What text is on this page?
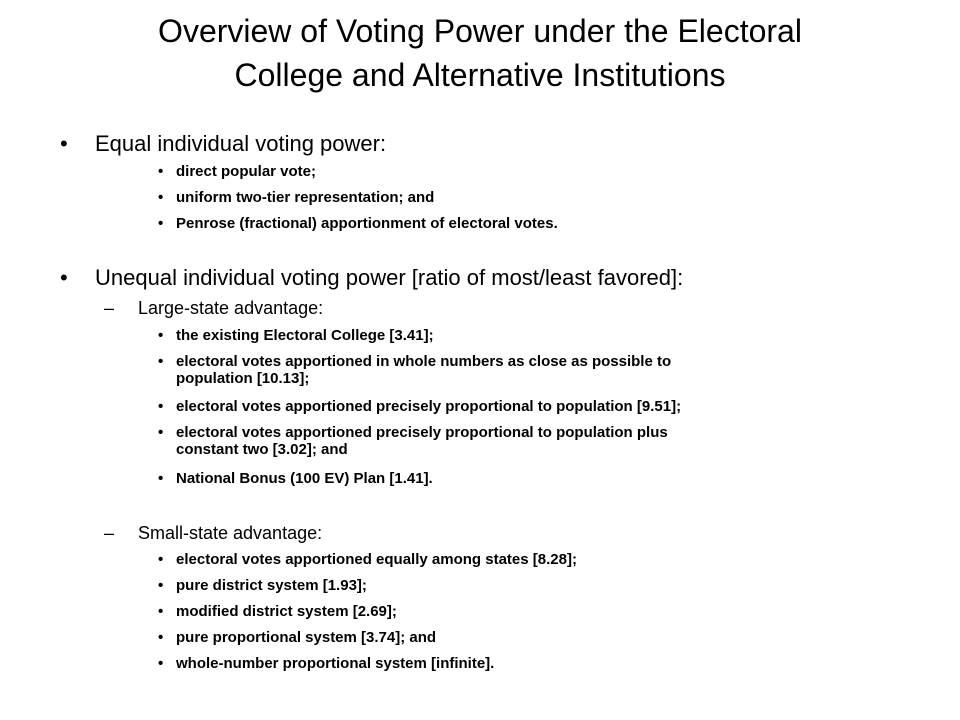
Overview of Voting Power under the Electoral
College and Alternative Institutions
•	Equal individual voting power:
• direct popular vote;
• uniform two-tier representation; and
• Penrose (fractional) apportionment of electoral votes.
•	Unequal individual voting power [ratio of most/least favored]:
–	Large-state advantage:
• the existing Electoral College [3.41];
• electoral votes apportioned in whole numbers as close as possible to
population [10.13];
• electoral votes apportioned precisely proportional to population [9.51];
• electoral votes apportioned precisely proportional to population plus
constant two [3.02]; and
• National Bonus (100 EV) Plan [1.41].
–	Small-state advantage:
• electoral votes apportioned equally among states [8.28];
• pure district system [1.93];
• modified district system [2.69];
• pure proportional system [3.74]; and
• whole-number proportional system [infinite].
